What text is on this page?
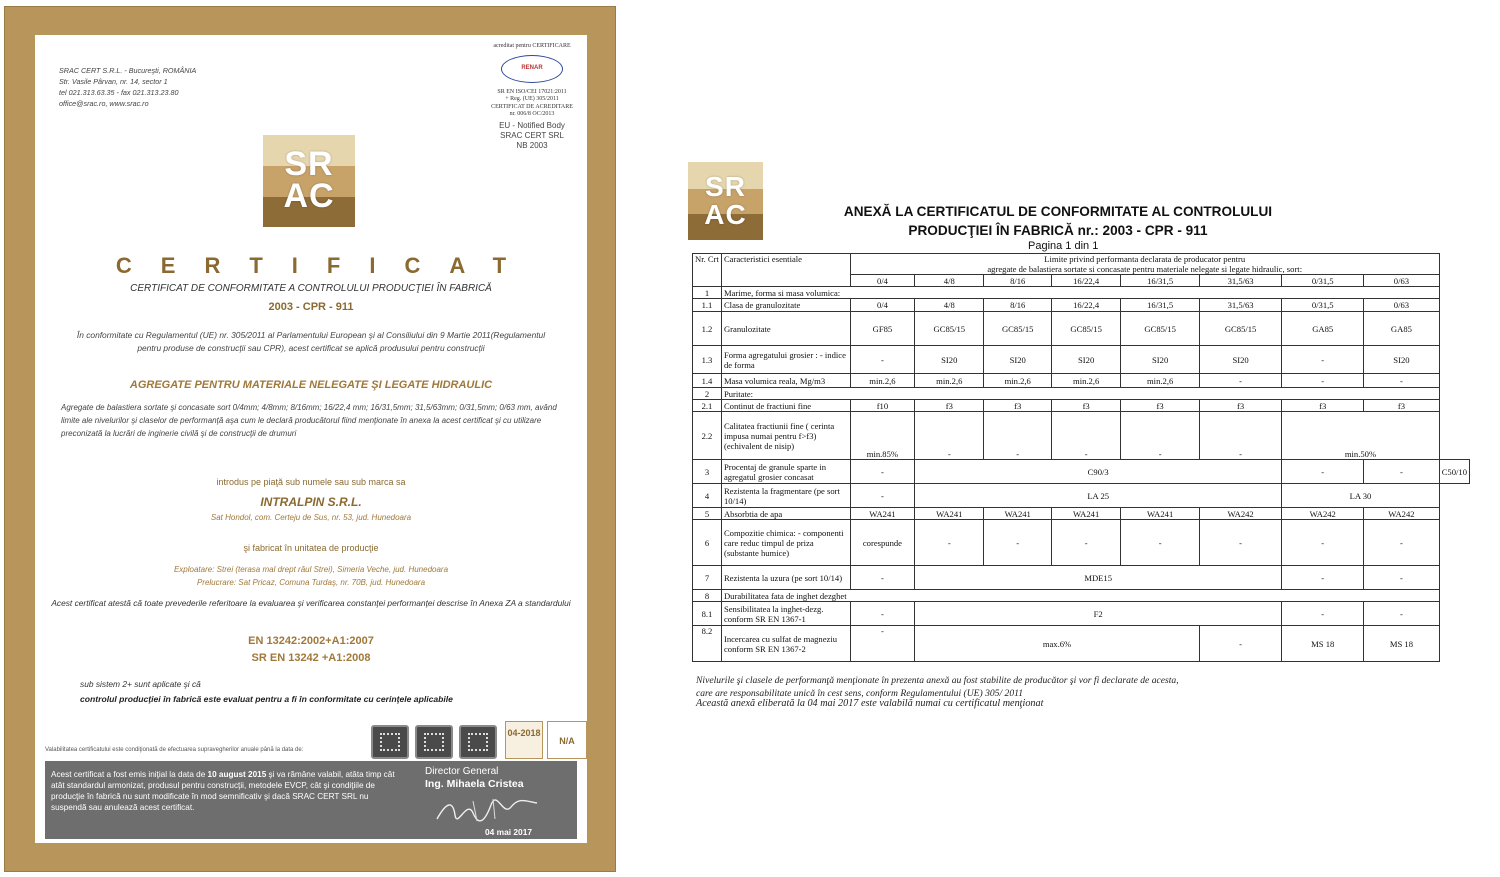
SRAC CERT S.R.L. - Bucureşti, ROMÂNIA
Str. Vasile Pârvan, nr. 14, sector 1
tel 021.313.63.35 - fax 021.313.23.80
office@srac.ro, www.srac.ro
acreditat pentru CERTIFICARE
RENAR
SR EN ISO/CEI 17021:2011
+ Reg. (UE) 305/2011
CERTIFICAT DE ACREDITARE
nr. 006/8 OC/2013
EU - Notified Body
SRAC CERT SRL
NB 2003
SR
AC
CERTIFICAT
CERTIFICAT DE CONFORMITATE A CONTROLULUI PRODUCŢIEI ÎN FABRICĂ
2003 - CPR - 911
În conformitate cu Regulamentul (UE) nr. 305/2011 al Parlamentului European şi al Consiliului din 9 Martie 2011(Regulamentul pentru produse de construcţii sau CPR), acest certificat se aplică produsului pentru construcţii
AGREGATE PENTRU MATERIALE NELEGATE ŞI LEGATE HIDRAULIC
Agregate de balastiera sortate şi concasate sort 0/4mm; 4/8mm; 8/16mm; 16/22,4 mm; 16/31,5mm; 31,5/63mm; 0/31,5mm; 0/63 mm, având limite ale nivelurilor şi claselor de performanţă aşa cum le declară producătorul fiind menţionate în anexa la acest certificat şi cu utilizare preconizată la lucrări de inginerie civilă şi de construcţii de drumuri
introdus pe piaţă sub numele sau sub marca sa
INTRALPIN S.R.L.
Sat Hondol, com. Certeju de Sus, nr. 53, jud. Hunedoara
şi fabricat în unitatea de producţie
Exploatare: Strei (terasa mal drept râul Strei), Simeria Veche, jud. Hunedoara
Prelucrare: Sat Pricaz, Comuna Turdaş, nr. 70B, jud. Hunedoara
Acest certificat atestă că toate prevederile referitoare la evaluarea şi verificarea constanţei performanţei descrise în Anexa ZA a standardului
EN 13242:2002+A1:2007
SR EN 13242 +A1:2008
sub sistem 2+ sunt aplicate şi că
controlul producţiei în fabrică este evaluat pentru a fi în conformitate cu cerinţele aplicabile
Valabilitatea certificatului este condiţionată de efectuarea supravegherilor anuale până la data de:
04-2018
N/A
Acest certificat a fost emis iniţial la data de 10 august 2015 şi va rămâne valabil, atâta timp cât atât standardul armonizat, produsul pentru construcţii, metodele EVCP, cât şi condiţiile de producţie în fabrică nu sunt modificate în mod semnificativ şi dacă SRAC CERT SRL nu suspendă sau anulează acest certificat.
Director General
Ing. Mihaela Cristea
04 mai 2017
SR
AC	ANEXĂ LA CERTIFICATUL DE CONFORMITATE AL CONTROLULUI
PRODUCŢIEI ÎN FABRICĂ nr.: 2003 - CPR - 911
Pagina 1 din 1
Nr. Crt	Caracteristici esentiale	Limite privind performanta declarata de producator pentru
agregate de balastiera sortate si concasate pentru materiale nelegate si legate hidraulic, sort:								

		0/4	4/8	8/16	16/22,4	16/31,5	31,5/63	0/31,5	0/63	
1	Marime, forma si masa volumica:									
1.1	Clasa de granulozitate	0/4	4/8	8/16	16/22,4	16/31,5	31,5/63	0/31,5	0/63	
1.2	Granulozitate	GF85	GC85/15	GC85/15	GC85/15	GC85/15	GC85/15	GA85	GA85	
1.3	Forma agregatului grosier : - indice de forma	-	SI20	SI20	SI20	SI20	SI20	-	SI20	
1.4	Masa volumica reala, Mg/m3	min.2,6	min.2,6	min.2,6	min.2,6	min.2,6	-	-	-	
2	Puritate:									
2.1	Continut de fractiuni fine	f10	f3	f3	f3	f3	f3	f3	f3	
2.2	Calitatea fractiunii fine ( cerinta impusa numai pentru f>f3) (echivalent de nisip)	min.85%	-	-	-	-	-	min.50%		
3	Procentaj de granule sparte in agregatul grosier concasat	-	C90/3					-	-	C50/10
4	Rezistenta la fragmentare (pe sort 10/14)	-	LA 25					LA 30		
5	Absorbtia de apa	WA241	WA241	WA241	WA241	WA241	WA242	WA242	WA242	
6	Compozitie chimica: - componenti care reduc timpul de priza (substante humice)	corespunde	-	-	-	-	-	-	-	
7	Rezistenta la uzura (pe sort 10/14)	-	MDE15					-	-	
8	Durabilitatea fata de inghet dezghet									
8.1	Sensibilitatea la inghet-dezg. conform SR EN 1367-1	-	F2					-	-	
8.2	Incercarea cu sulfat de magneziu conform SR EN 1367-2	-	max.6%				-	MS 18	MS 18	
Nivelurile şi clasele de performanţă menţionate în prezenta anexă au fost stabilite de producător şi vor fi declarate de acesta,
care are responsabilitate unică în cest sens, conform Regulamentului (UE) 305/ 2011
Această anexă eliberată la 04 mai 2017 este valabilă numai cu certificatul menţionat
